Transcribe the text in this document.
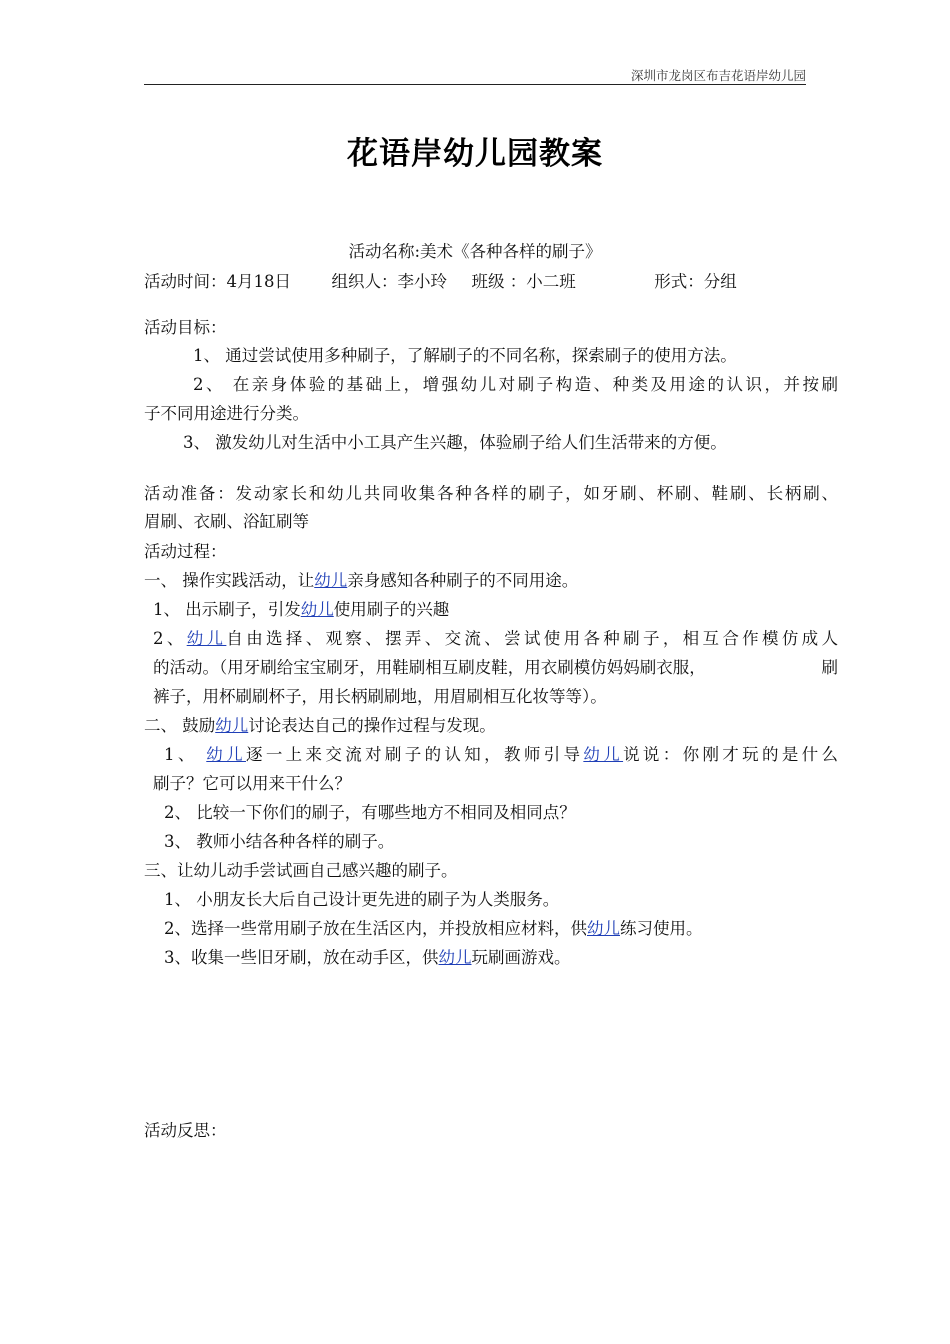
深圳市龙岗区布吉花语岸幼儿园
花语岸幼儿园教案
活动名称:美术《各种各样的刷子》
活动时间：4月18日 组织人：李小玲 班级 ：小二班	形式：分组
活动目标：
1、 通过尝试使用多种刷子，了解刷子的不同名称，探索刷子的使用方法。
2、 在亲身体验的基础上，增强幼儿对刷子构造、种类及用途的认识，并按刷
子不同用途进行分类。
3、 激发幼儿对生活中小工具产生兴趣，体验刷子给人们生活带来的方便。
活动准备：发动家长和幼儿共同收集各种各样的刷子，如牙刷、杯刷、鞋刷、长柄刷、
眉刷、衣刷、浴缸刷等
活动过程：
一、 操作实践活动，让幼儿亲身感知各种刷子的不同用途。
1、 出示刷子，引发幼儿使用刷子的兴趣
2、幼儿自由选择、观察、摆弄、交流、尝试使用各种刷子，相互合作模仿成人
的活动。（用牙刷给宝宝刷牙，用鞋刷相互刷皮鞋，用衣刷模仿妈妈刷衣服，	刷
裤子，用杯刷刷杯子，用长柄刷刷地，用眉刷相互化妆等等）。
二、 鼓励幼儿讨论表达自己的操作过程与发现。
1、 幼儿逐一上来交流对刷子的认知，教师引导幼儿说说：你刚才玩的是什么
刷子？它可以用来干什么？
2、 比较一下你们的刷子，有哪些地方不相同及相同点？
3、 教师小结各种各样的刷子。
三、让幼儿动手尝试画自己感兴趣的刷子。
1、 小朋友长大后自己设计更先进的刷子为人类服务。
2、选择一些常用刷子放在生活区内，并投放相应材料，供幼儿练习使用。
3、收集一些旧牙刷，放在动手区，供幼儿玩刷画游戏。
活动反思：
